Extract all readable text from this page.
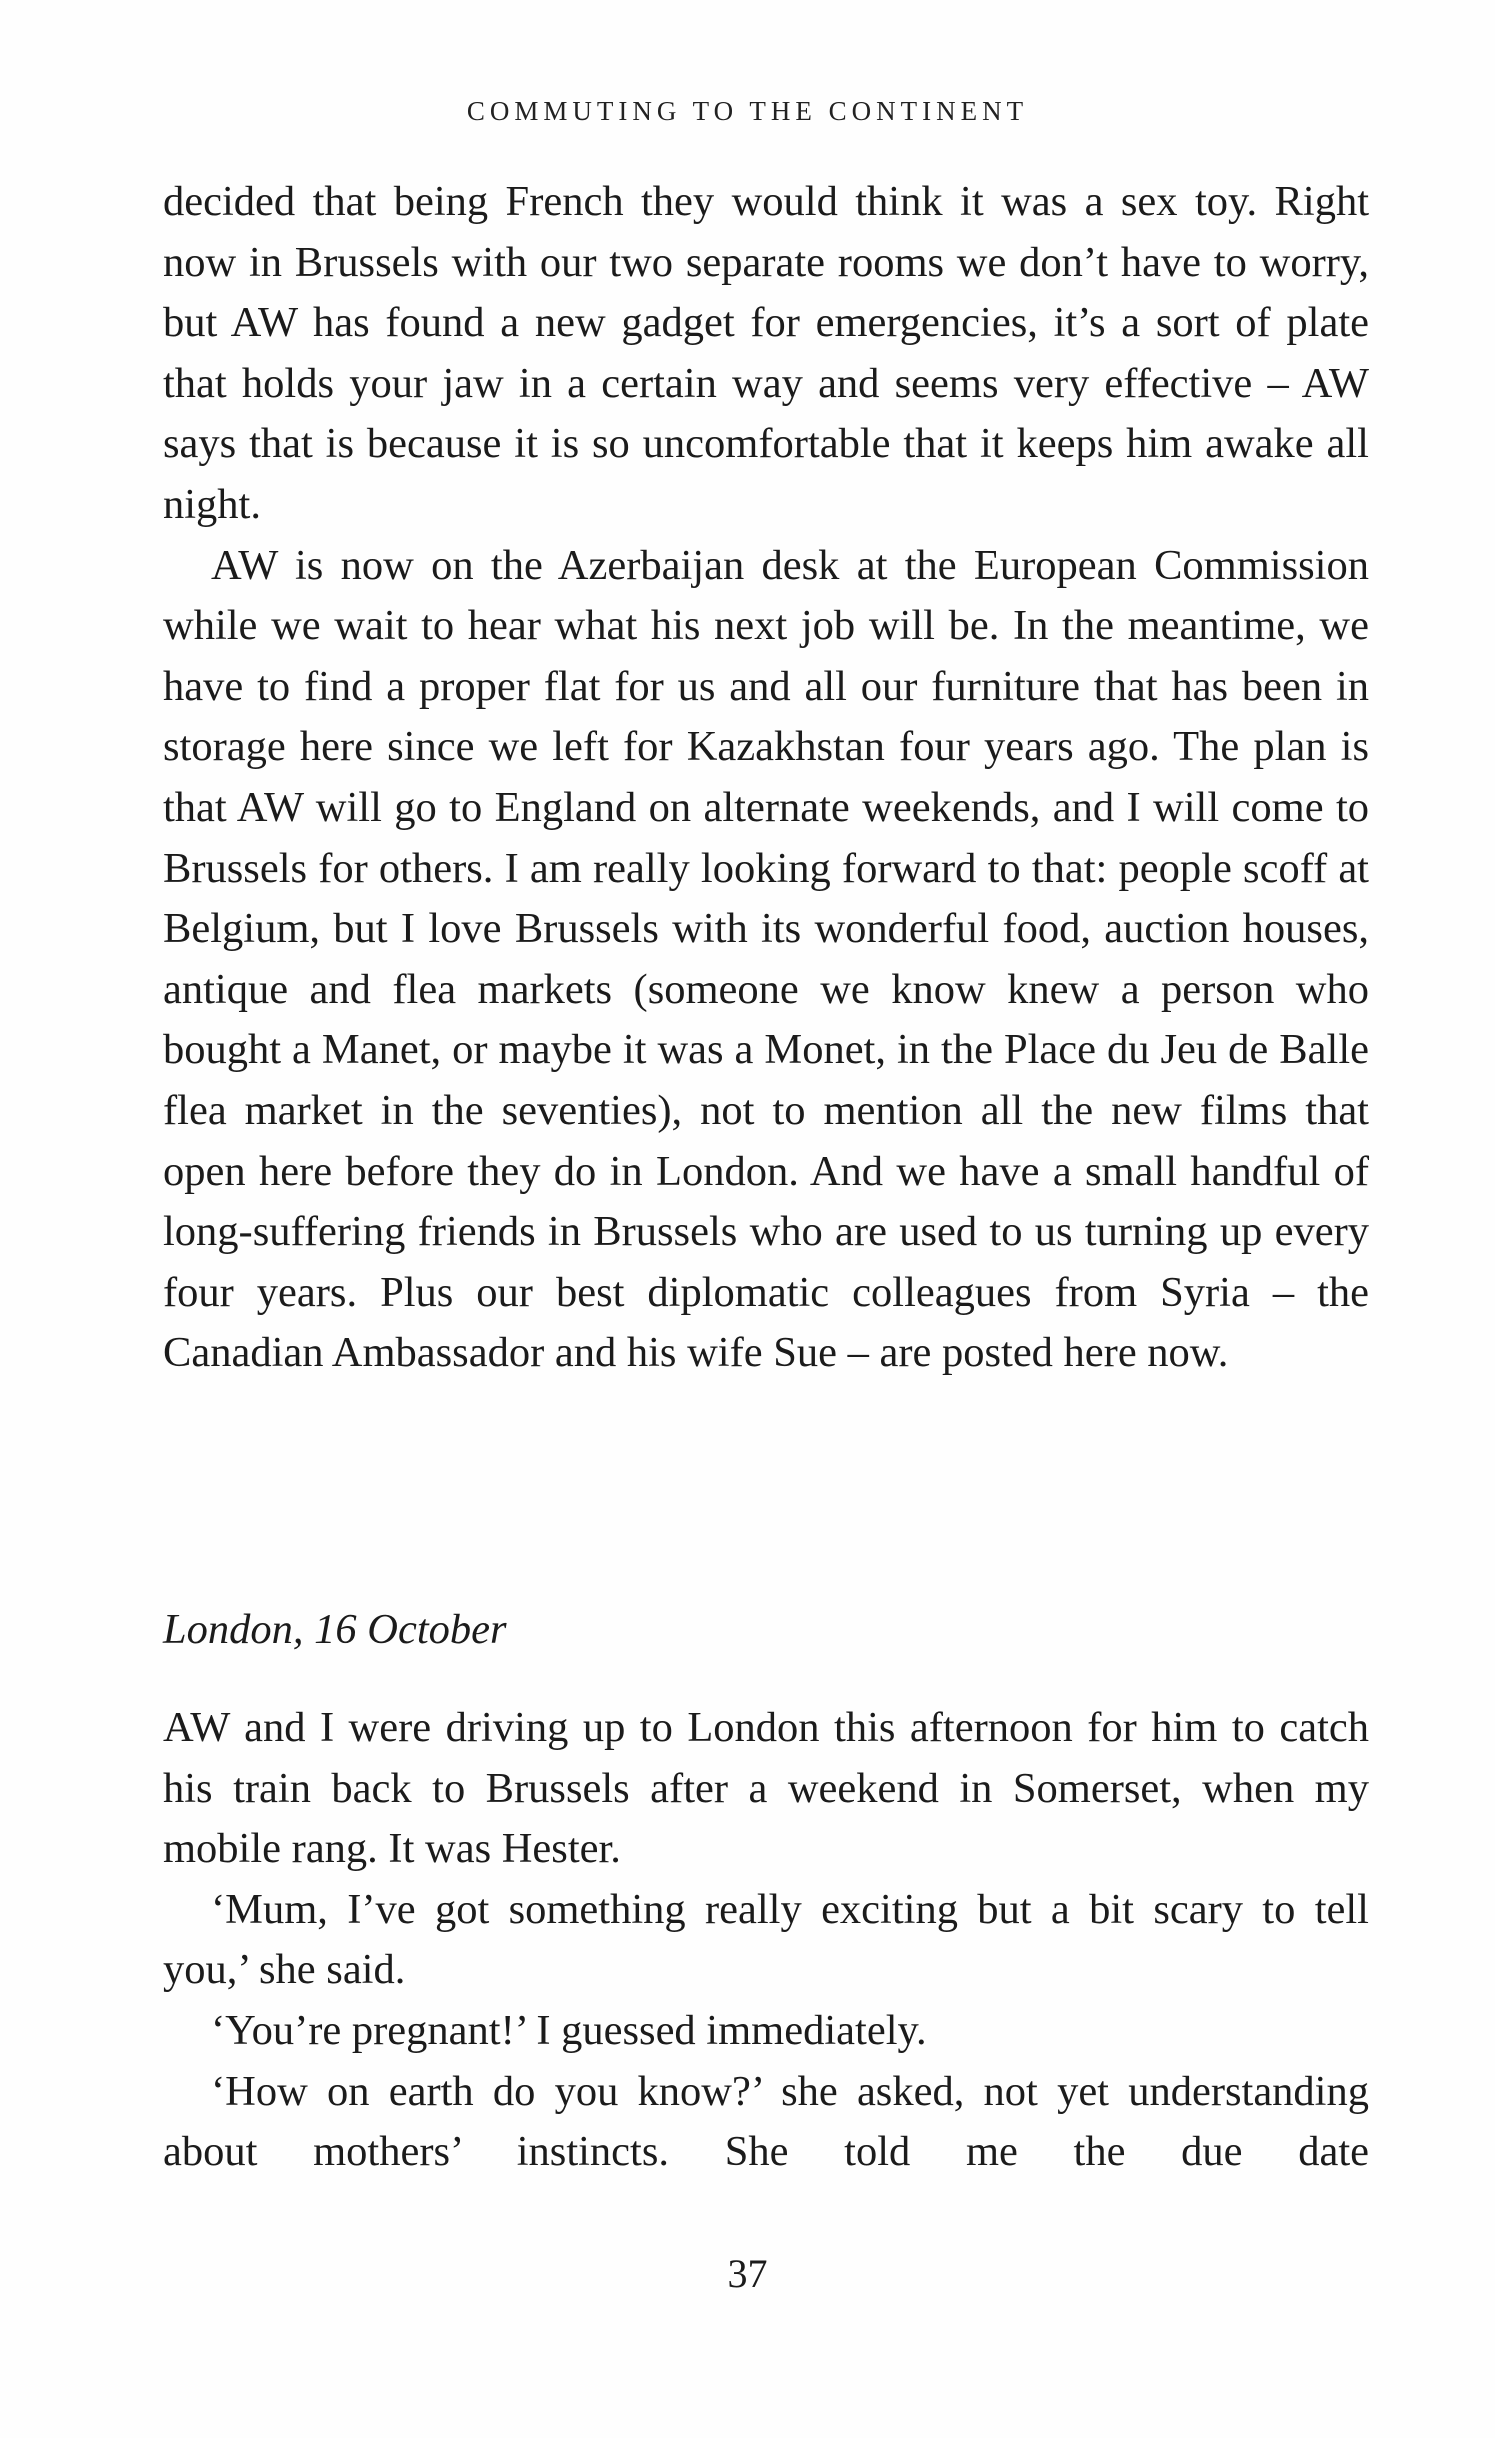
COMMUTING TO THE CONTINENT

decided that being French they would think it was a sex toy. Right now in Brussels with our two separate rooms we don’t have to worry, but AW has found a new gadget for emergencies, it’s a sort of plate that holds your jaw in a certain way and seems very effective – AW says that is because it is so uncomfortable that it keeps him awake all night.

AW is now on the Azerbaijan desk at the European Commission while we wait to hear what his next job will be. In the meantime, we have to find a proper flat for us and all our furniture that has been in storage here since we left for Kazakhstan four years ago. The plan is that AW will go to England on alternate weekends, and I will come to Brussels for others. I am really looking forward to that: people scoff at Belgium, but I love Brussels with its wonderful food, auction houses, antique and flea markets (someone we know knew a person who bought a Manet, or maybe it was a Monet, in the Place du Jeu de Balle flea market in the seventies), not to mention all the new films that open here before they do in London. And we have a small handful of long-suffering friends in Brussels who are used to us turning up every four years. Plus our best diplomatic colleagues from Syria – the Canadian Ambassador and his wife Sue – are posted here now.

London, 16 October

AW and I were driving up to London this afternoon for him to catch his train back to Brussels after a weekend in Somerset, when my mobile rang. It was Hester.

‘Mum, I’ve got something really exciting but a bit scary to tell you,’ she said.

‘You’re pregnant!’ I guessed immediately.

‘How on earth do you know?’ she asked, not yet understanding about mothers’ instincts. She told me the due date

37
